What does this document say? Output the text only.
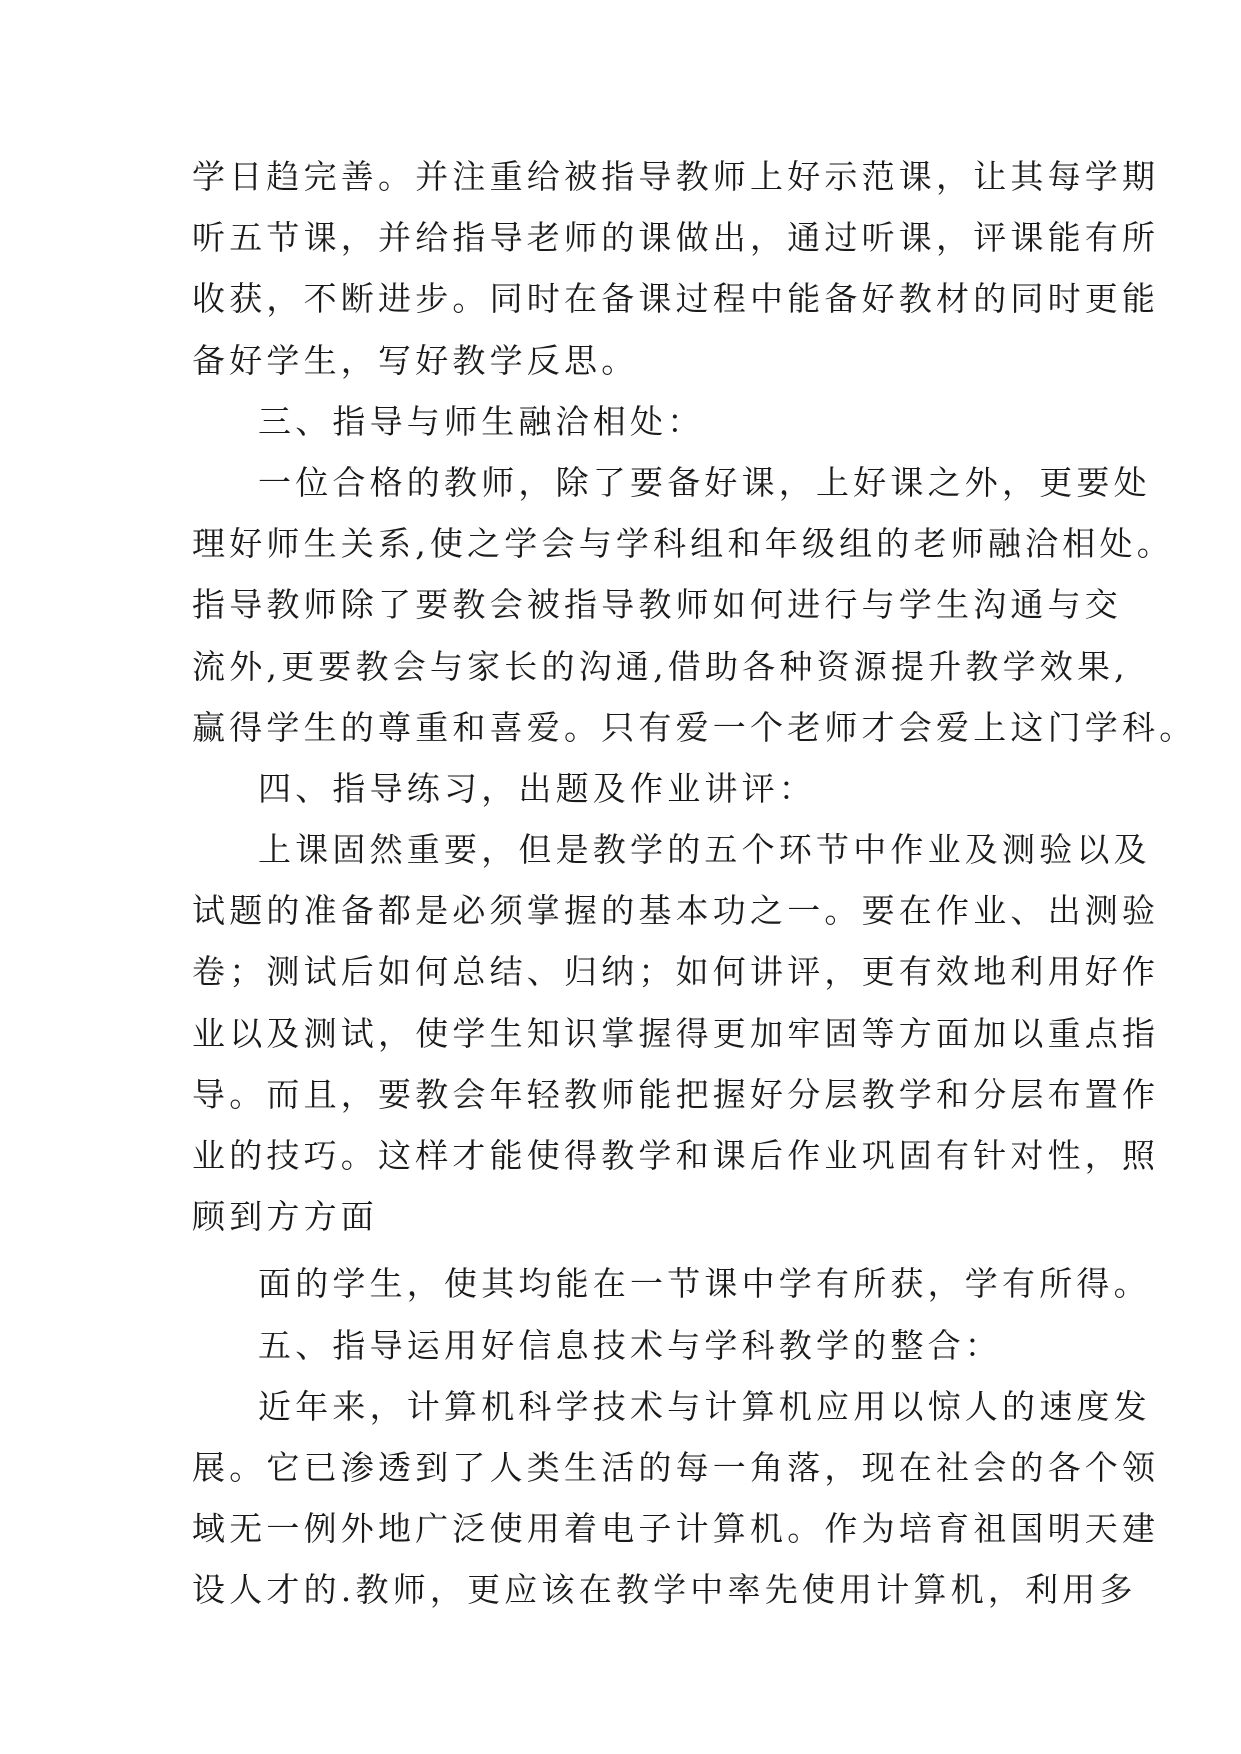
学日趋完善。并注重给被指导教师上好示范课，让其每学期
听五节课，并给指导老师的课做出，通过听课，评课能有所
收获，不断进步。同时在备课过程中能备好教材的同时更能
备好学生，写好教学反思。
三、指导与师生融洽相处：
一位合格的教师，除了要备好课，上好课之外，更要处
理好师生关系,使之学会与学科组和年级组的老师融洽相处。
指导教师除了要教会被指导教师如何进行与学生沟通与交
流外,更要教会与家长的沟通,借助各种资源提升教学效果,
赢得学生的尊重和喜爱。只有爱一个老师才会爱上这门学科。
四、指导练习，出题及作业讲评：
上课固然重要，但是教学的五个环节中作业及测验以及
试题的准备都是必须掌握的基本功之一。要在作业、出测验
卷；测试后如何总结、归纳；如何讲评，更有效地利用好作
业以及测试，使学生知识掌握得更加牢固等方面加以重点指
导。而且，要教会年轻教师能把握好分层教学和分层布置作
业的技巧。这样才能使得教学和课后作业巩固有针对性，照
顾到方方面
面的学生，使其均能在一节课中学有所获，学有所得。
五、指导运用好信息技术与学科教学的整合：
近年来，计算机科学技术与计算机应用以惊人的速度发
展。它已渗透到了人类生活的每一角落，现在社会的各个领
域无一例外地广泛使用着电子计算机。作为培育祖国明天建
设人才的.教师，更应该在教学中率先使用计算机，利用多
